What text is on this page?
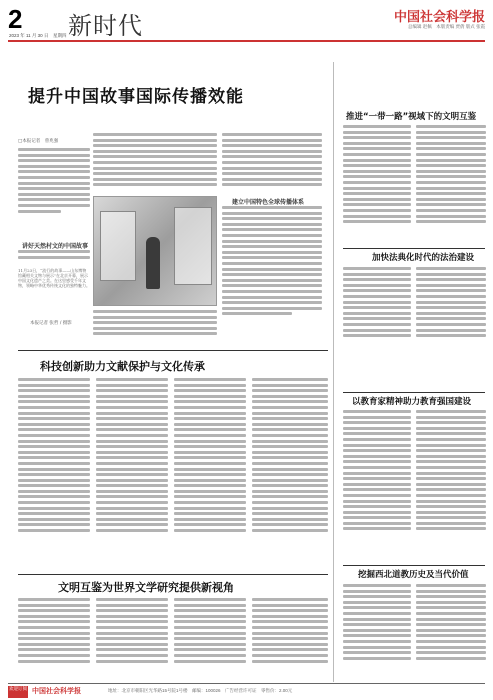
2
2023 年 11 月 30 日　星期四 新时代	中国社会科学报
总编辑 赵佩　本版责编 贾倩 版式 张霞
提升中国故事国际传播效能
□本报记者　曾兆强
讲好天然村文的中国故事
11月23日，“流行的故事——山东博物馆藏相关文物与展示”在北京开幕，展示中国文化遗产之美。在这里感受千年文物，领略中华优秀传统文化的独特魅力。
本报记者 张哲 / 摄影
建立中国特色全球传播体系
推进“一带一路”视域下的文明互鉴
加快法典化时代的法治建设
以教育家精神助力教育强国建设
挖掘西北道教历史及当代价值
科技创新助力文献保护与文化传承
文明互鉴为世界文学研究提供新视角
欢迎订阅 中国社会科学报	地址：北京市朝阳区光华路15号院1号楼　邮编：100026　广告经营许可证　零售价：2.00元
